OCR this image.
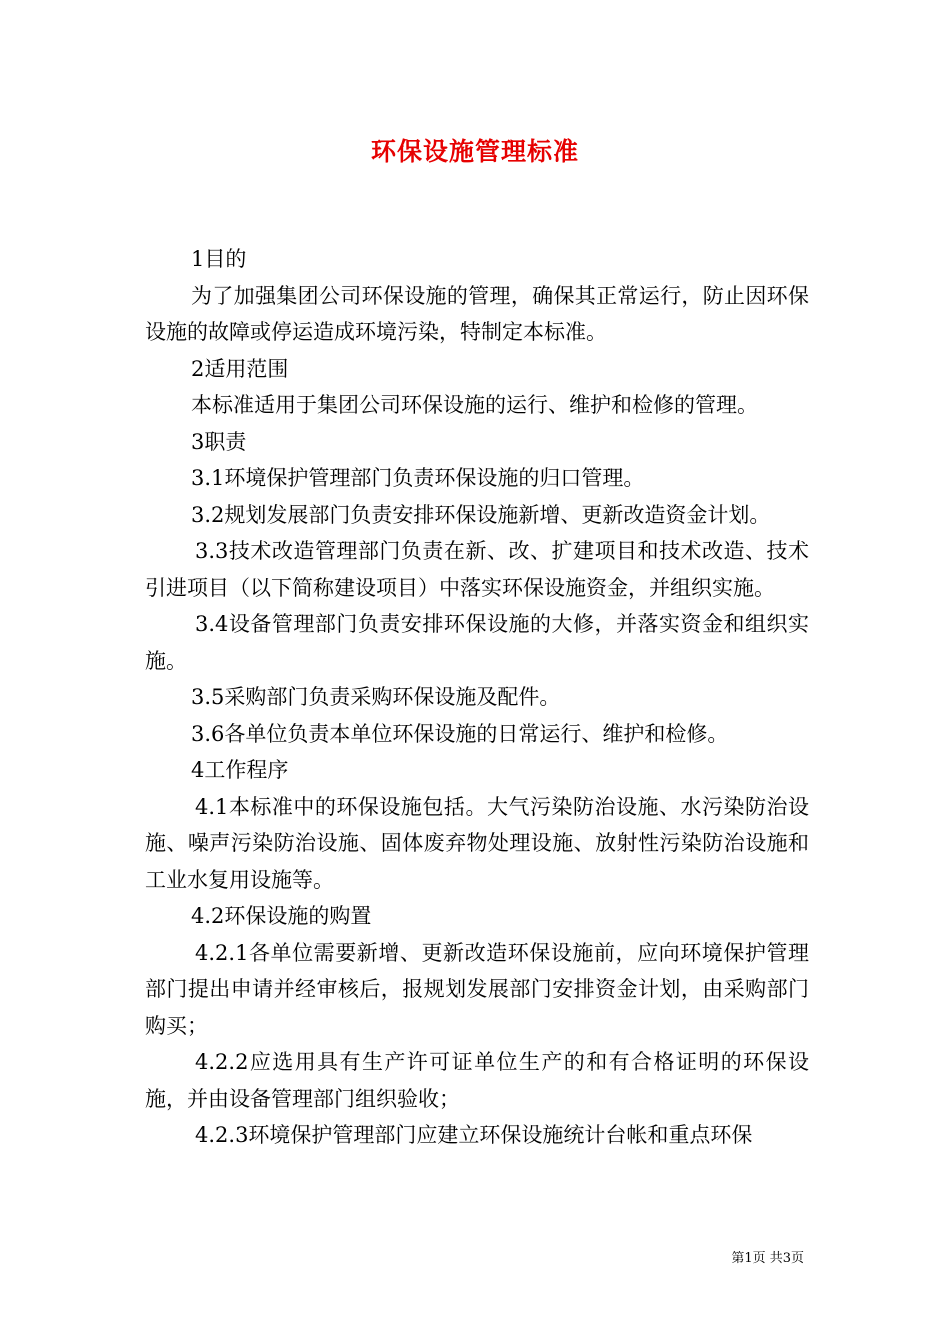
环保设施管理标准

1目的

为了加强集团公司环保设施的管理，确保其正常运行，防止因环保设施的故障或停运造成环境污染，特制定本标准。

2适用范围

本标准适用于集团公司环保设施的运行、维护和检修的管理。

3职责

3.1环境保护管理部门负责环保设施的归口管理。

3.2规划发展部门负责安排环保设施新增、更新改造资金计划。

3.3技术改造管理部门负责在新、改、扩建项目和技术改造、技术引进项目（以下简称建设项目）中落实环保设施资金，并组织实施。

3.4设备管理部门负责安排环保设施的大修，并落实资金和组织实施。

3.5采购部门负责采购环保设施及配件。

3.6各单位负责本单位环保设施的日常运行、维护和检修。

4工作程序

4.1本标准中的环保设施包括。大气污染防治设施、水污染防治设施、噪声污染防治设施、固体废弃物处理设施、放射性污染防治设施和工业水复用设施等。

4.2环保设施的购置

4.2.1各单位需要新增、更新改造环保设施前，应向环境保护管理部门提出申请并经审核后，报规划发展部门安排资金计划，由采购部门购买；

4.2.2应选用具有生产许可证单位生产的和有合格证明的环保设施，并由设备管理部门组织验收；

4.2.3环境保护管理部门应建立环保设施统计台帐和重点环保

第1页 共3页
